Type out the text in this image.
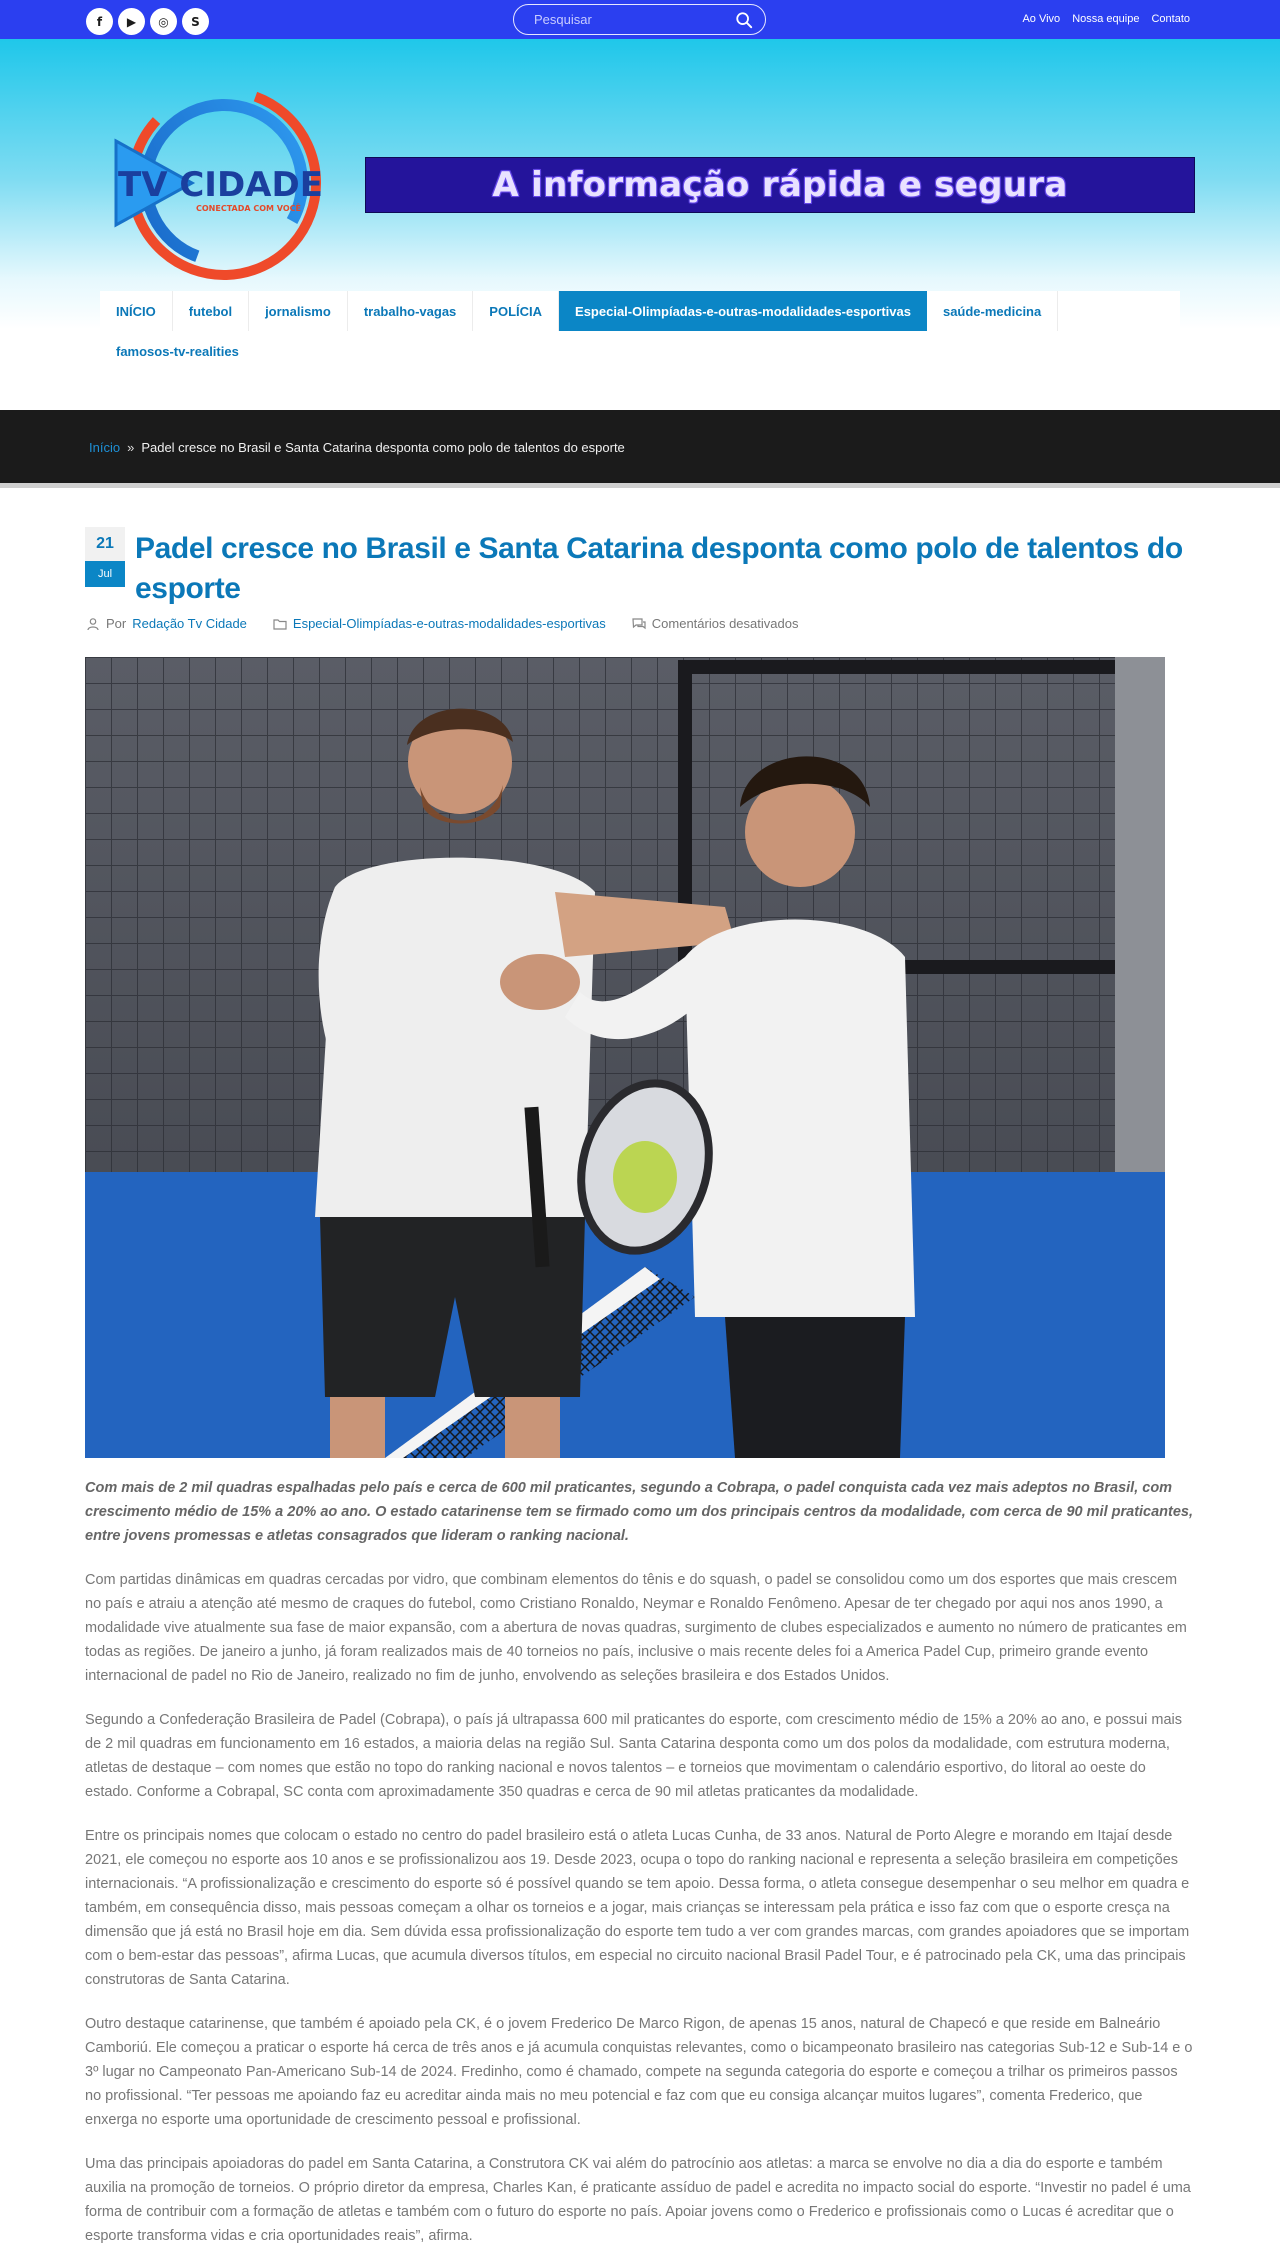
f	▶	◎	S
Pesquisar	Ao Vivo Nossa equipe Contato
TV CIDADE
CONECTADA COM VOCÊ
A informação rápida e segura
INÍCIO	futebol	jornalismo	trabalho-vagas	POLÍCIA	Especial-Olimpíadas-e-outras-modalidades-esportivas	saúde-medicina
famosos-tv-realities
Início » Padel cresce no Brasil e Santa Catarina desponta como polo de talentos do esporte
21
Jul
Padel cresce no Brasil e Santa Catarina desponta como polo de talentos do esporte
Por Redação Tv Cidade	Especial-Olimpíadas-e-outras-modalidades-esportivas	Comentários desativados

Com mais de 2 mil quadras espalhadas pelo país e cerca de 600 mil praticantes, segundo a Cobrapa, o padel conquista cada vez mais adeptos no Brasil, com crescimento médio de 15% a 20% ao ano. O estado catarinense tem se firmado como um dos principais centros da modalidade, com cerca de 90 mil praticantes, entre jovens promessas e atletas consagrados que lideram o ranking nacional.

Com partidas dinâmicas em quadras cercadas por vidro, que combinam elementos do tênis e do squash, o padel se consolidou como um dos esportes que mais crescem no país e atraiu a atenção até mesmo de craques do futebol, como Cristiano Ronaldo, Neymar e Ronaldo Fenômeno. Apesar de ter chegado por aqui nos anos 1990, a modalidade vive atualmente sua fase de maior expansão, com a abertura de novas quadras, surgimento de clubes especializados e aumento no número de praticantes em todas as regiões. De janeiro a junho, já foram realizados mais de 40 torneios no país, inclusive o mais recente deles foi a America Padel Cup, primeiro grande evento internacional de padel no Rio de Janeiro, realizado no fim de junho, envolvendo as seleções brasileira e dos Estados Unidos.

Segundo a Confederação Brasileira de Padel (Cobrapa), o país já ultrapassa 600 mil praticantes do esporte, com crescimento médio de 15% a 20% ao ano, e possui mais de 2 mil quadras em funcionamento em 16 estados, a maioria delas na região Sul. Santa Catarina desponta como um dos polos da modalidade, com estrutura moderna, atletas de destaque – com nomes que estão no topo do ranking nacional e novos talentos – e torneios que movimentam o calendário esportivo, do litoral ao oeste do estado. Conforme a Cobrapal, SC conta com aproximadamente 350 quadras e cerca de 90 mil atletas praticantes da modalidade.

Entre os principais nomes que colocam o estado no centro do padel brasileiro está o atleta Lucas Cunha, de 33 anos. Natural de Porto Alegre e morando em Itajaí desde 2021, ele começou no esporte aos 10 anos e se profissionalizou aos 19. Desde 2023, ocupa o topo do ranking nacional e representa a seleção brasileira em competições internacionais. “A profissionalização e crescimento do esporte só é possível quando se tem apoio. Dessa forma, o atleta consegue desempenhar o seu melhor em quadra e também, em consequência disso, mais pessoas começam a olhar os torneios e a jogar, mais crianças se interessam pela prática e isso faz com que o esporte cresça na dimensão que já está no Brasil hoje em dia. Sem dúvida essa profissionalização do esporte tem tudo a ver com grandes marcas, com grandes apoiadores que se importam com o bem-estar das pessoas”, afirma Lucas, que acumula diversos títulos, em especial no circuito nacional Brasil Padel Tour, e é patrocinado pela CK, uma das principais construtoras de Santa Catarina.

Outro destaque catarinense, que também é apoiado pela CK, é o jovem Frederico De Marco Rigon, de apenas 15 anos, natural de Chapecó e que reside em Balneário Camboriú. Ele começou a praticar o esporte há cerca de três anos e já acumula conquistas relevantes, como o bicampeonato brasileiro nas categorias Sub-12 e Sub-14 e o 3º lugar no Campeonato Pan-Americano Sub-14 de 2024. Fredinho, como é chamado, compete na segunda categoria do esporte e começou a trilhar os primeiros passos no profissional. “Ter pessoas me apoiando faz eu acreditar ainda mais no meu potencial e faz com que eu consiga alcançar muitos lugares”, comenta Frederico, que enxerga no esporte uma oportunidade de crescimento pessoal e profissional.

Uma das principais apoiadoras do padel em Santa Catarina, a Construtora CK vai além do patrocínio aos atletas: a marca se envolve no dia a dia do esporte e também auxilia na promoção de torneios. O próprio diretor da empresa, Charles Kan, é praticante assíduo de padel e acredita no impacto social do esporte. “Investir no padel é uma forma de contribuir com a formação de atletas e também com o futuro do esporte no país. Apoiar jovens como o Frederico e profissionais como o Lucas é acreditar que o esporte transforma vidas e cria oportunidades reais”, afirma.
